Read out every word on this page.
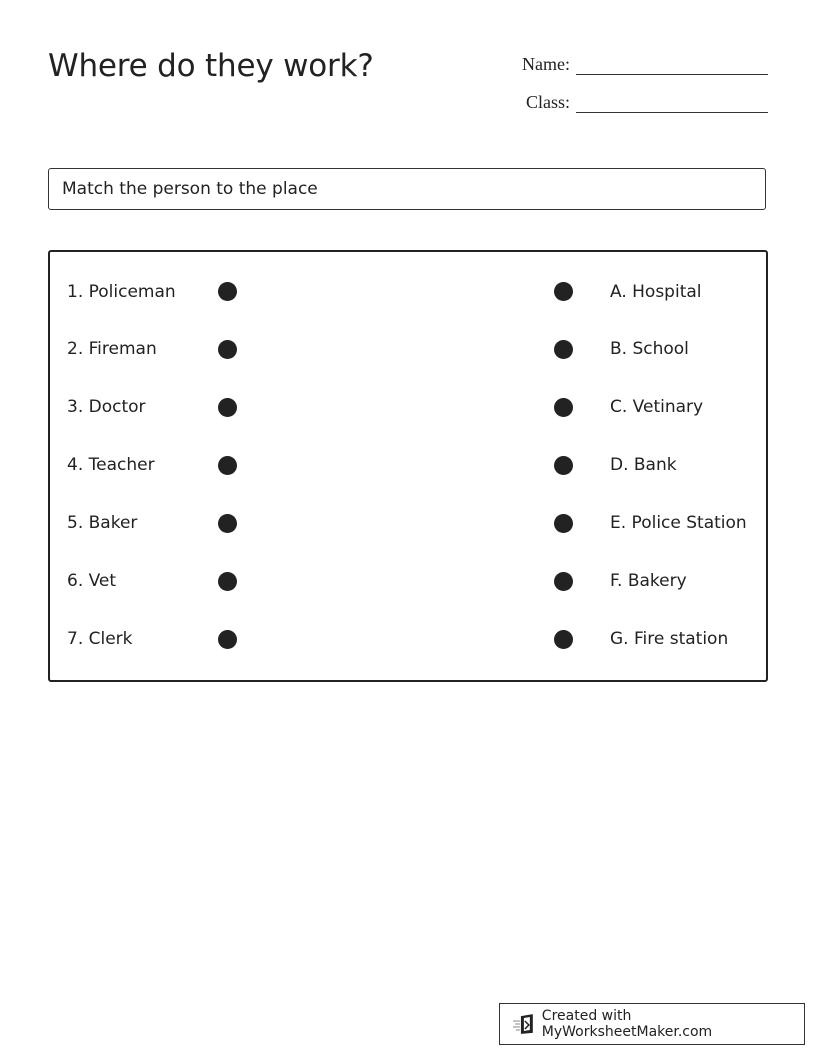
Where do they work?	Name:
Class:
Match the person to the place
1. Policeman
2. Fireman
3. Doctor
4. Teacher
5. Baker
6. Vet
7. Clerk
A. Hospital
B. School
C. Vetinary
D. Bank
E. Police Station
F. Bakery
G. Fire station
Created with MyWorksheetMaker.com
